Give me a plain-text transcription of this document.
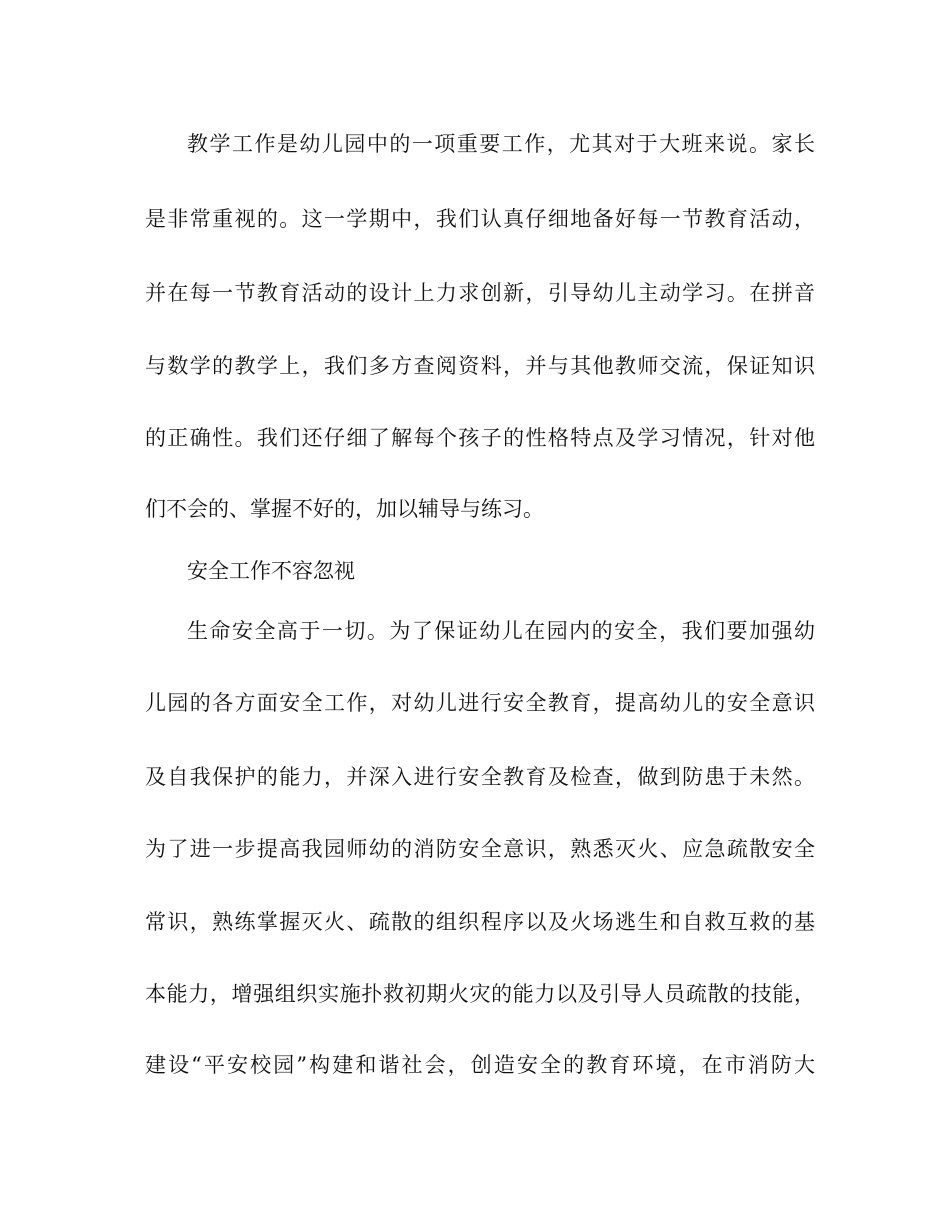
教学工作是幼儿园中的一项重要工作，尤其对于大班来说。家长
是非常重视的。这一学期中，我们认真仔细地备好每一节教育活动，
并在每一节教育活动的设计上力求创新，引导幼儿主动学习。在拼音
与数学的教学上，我们多方查阅资料，并与其他教师交流，保证知识
的正确性。我们还仔细了解每个孩子的性格特点及学习情况，针对他
们不会的、掌握不好的，加以辅导与练习。
安全工作不容忽视
生命安全高于一切。为了保证幼儿在园内的安全，我们要加强幼
儿园的各方面安全工作，对幼儿进行安全教育，提高幼儿的安全意识
及自我保护的能力，并深入进行安全教育及检查，做到防患于未然。
为了进一步提高我园师幼的消防安全意识，熟悉灭火、应急疏散安全
常识，熟练掌握灭火、疏散的组织程序以及火场逃生和自救互救的基
本能力，增强组织实施扑救初期火灾的能力以及引导人员疏散的技能，
建设“平安校园”构建和谐社会，创造安全的教育环境，在市消防大
